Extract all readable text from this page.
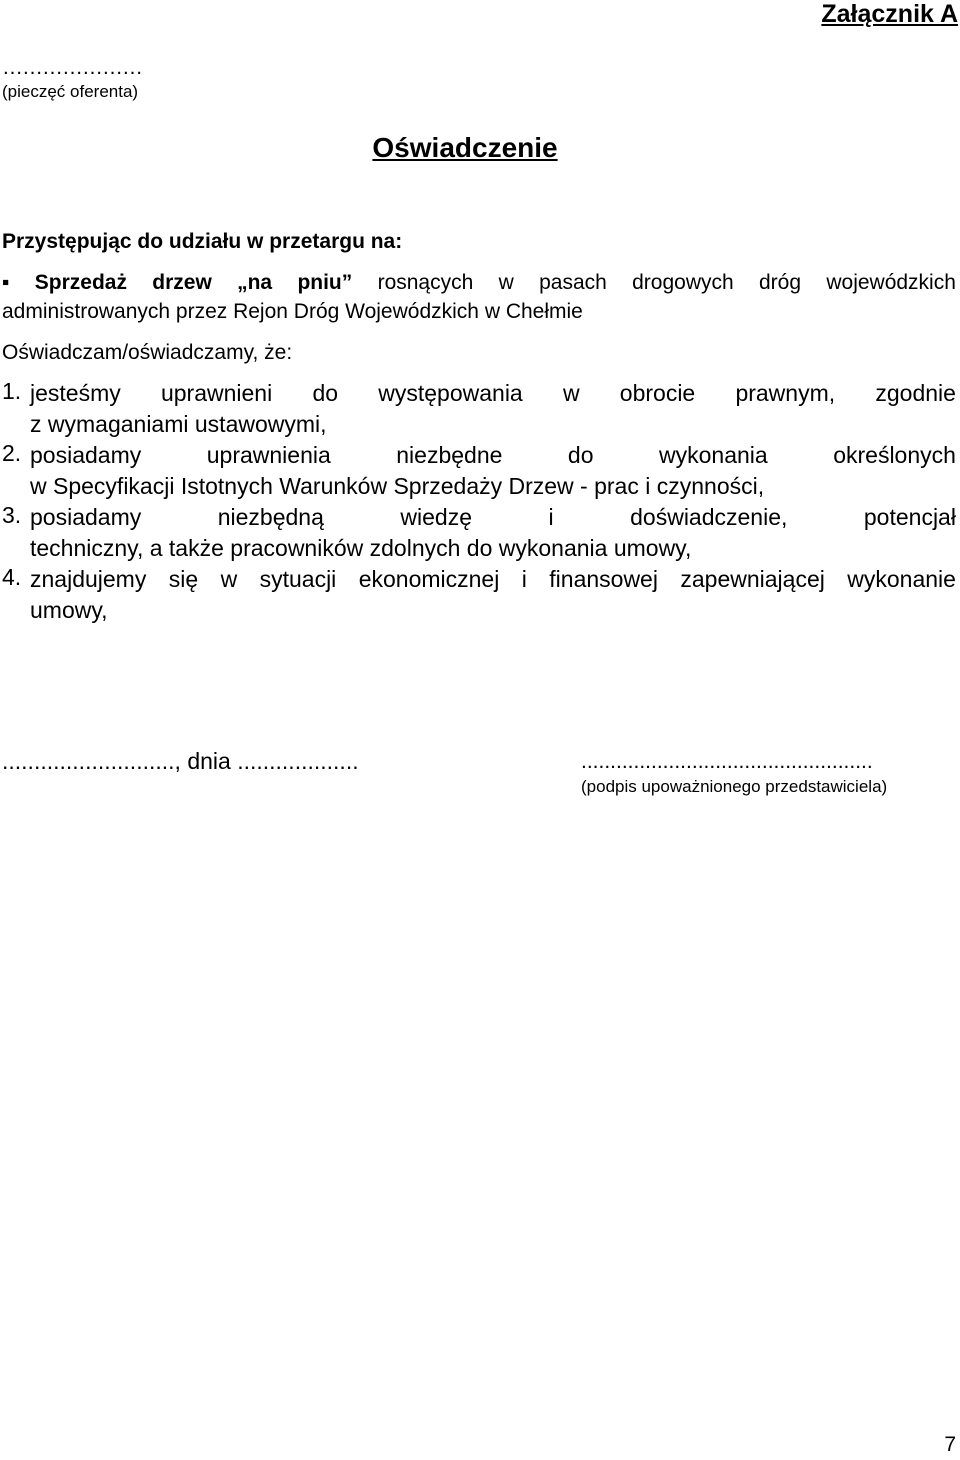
Załącznik A
…………………
(pieczęć oferenta)
Oświadczenie
Przystępując do udziału w przetargu na:
▪ Sprzedaż drzew „na pniu” rosnących w pasach drogowych dróg wojewódzkich
administrowanych przez Rejon Dróg Wojewódzkich w Chełmie
Oświadczam/oświadczamy, że:
1. jesteśmy uprawnieni do występowania w obrocie prawnym, zgodnie
z wymaganiami ustawowymi,
2. posiadamy	uprawnienia	niezbędne	do	wykonania	określonych
w Specyfikacji Istotnych Warunków Sprzedaży Drzew - prac i czynności,
3. posiadamy	niezbędną	wiedzę	i	doświadczenie,	potencjał
techniczny, a także pracowników zdolnych do wykonania umowy,
4. znajdujemy się w sytuacji ekonomicznej i finansowej zapewniającej wykonanie
umowy,
..........................., dnia ...................	..................................................
(podpis upoważnionego przedstawiciela)
7
